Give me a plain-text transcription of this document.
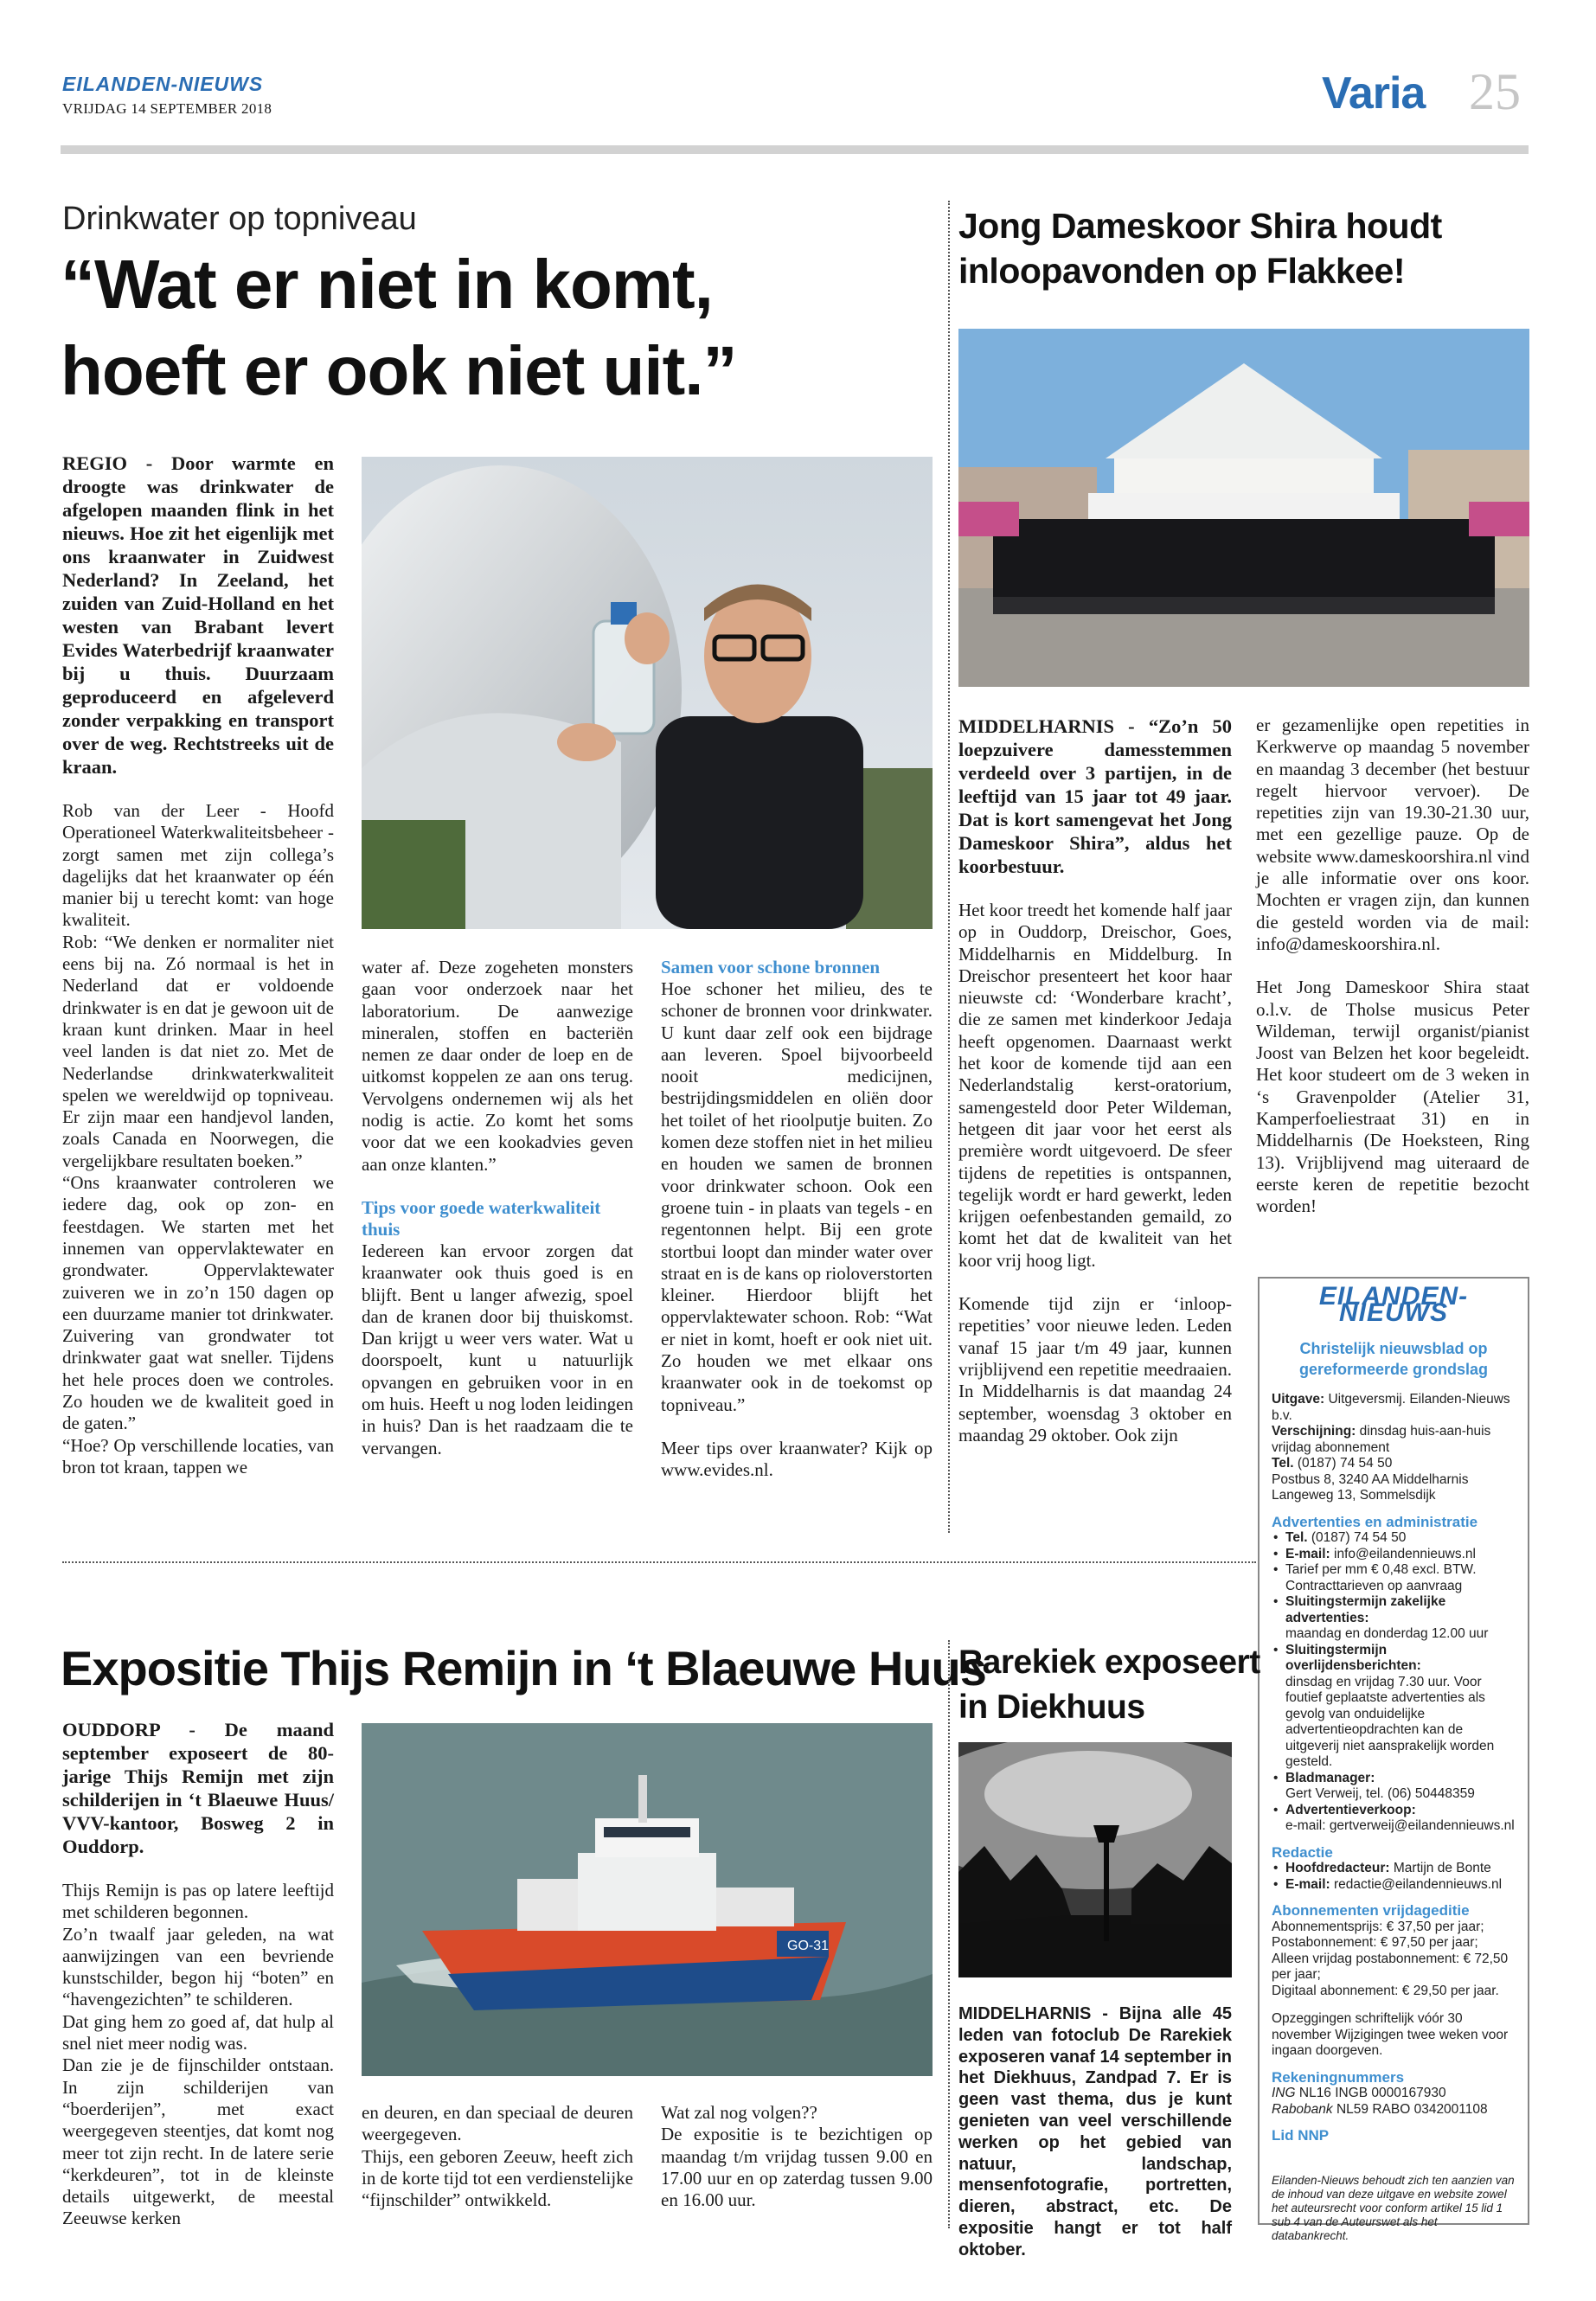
EILANDEN-NIEUWS
VRIJDAG 14 SEPTEMBER 2018	Varia 25
Drinkwater op topniveau
“Wat er niet in komt,
hoeft er ook niet uit.”

REGIO - Door warmte en droogte was drinkwater de afgelopen maanden flink in het nieuws. Hoe zit het eigenlijk met ons kraanwater in Zuidwest Nederland? In Zeeland, het zuiden van Zuid-Holland en het westen van Brabant levert Evides Waterbedrijf kraanwater bij u thuis. Duurzaam geproduceerd en afgeleverd zonder verpakking en transport over de weg. Rechtstreeks uit de kraan.

Rob van der Leer - Hoofd Operationeel Waterkwaliteitsbeheer - zorgt samen met zijn collega’s dagelijks dat het kraanwater op één manier bij u terecht komt: van hoge kwaliteit.

Rob: “We denken er normaliter niet eens bij na. Zó normaal is het in Nederland dat er voldoende drinkwater is en dat je gewoon uit de kraan kunt drinken. Maar in heel veel landen is dat niet zo. Met de Nederlandse drinkwaterkwaliteit spelen we wereldwijd op topniveau. Er zijn maar een handjevol landen, zoals Canada en Noorwegen, die vergelijkbare resultaten boeken.”

“Ons kraanwater controleren we iedere dag, ook op zon- en feestdagen. We starten met het innemen van oppervlaktewater en grondwater. Oppervlaktewater zuiveren we in zo’n 150 dagen op een duurzame manier tot drinkwater. Zuivering van grondwater tot drinkwater gaat wat sneller. Tijdens het hele proces doen we controles. Zo houden we de kwaliteit goed in de gaten.”

“Hoe? Op verschillende locaties, van bron tot kraan, tappen we

water af. Deze zogeheten monsters gaan voor onderzoek naar het laboratorium. De aanwezige mineralen, stoffen en bacteriën nemen ze daar onder de loep en de uitkomst koppelen ze aan ons terug. Vervolgens ondernemen wij als het nodig is actie. Zo komt het soms voor dat we een kookadvies geven aan onze klanten.”

Tips voor goede waterkwaliteit thuis

Iedereen kan ervoor zorgen dat kraanwater ook thuis goed is en blijft. Bent u langer afwezig, spoel dan de kranen door bij thuiskomst. Dan krijgt u weer vers water. Wat u doorspoelt, kunt u natuurlijk opvangen en gebruiken voor in en om huis. Heeft u nog loden leidingen in huis? Dan is het raadzaam die te vervangen.

Samen voor schone bronnen

Hoe schoner het milieu, des te schoner de bronnen voor drinkwater. U kunt daar zelf ook een bijdrage aan leveren. Spoel bijvoorbeeld nooit medicijnen, bestrijdingsmiddelen en oliën door het toilet of het rioolputje buiten. Zo komen deze stoffen niet in het milieu en houden we samen de bronnen voor drinkwater schoon. Ook een groene tuin - in plaats van tegels - en regentonnen helpt. Bij een grote stortbui loopt dan minder water over straat en is de kans op rioloverstorten kleiner. Hierdoor blijft het oppervlaktewater schoon. Rob: “Wat er niet in komt, hoeft er ook niet uit. Zo houden we met elkaar ons kraanwater ook in de toekomst op topniveau.”

Meer tips over kraanwater? Kijk op www.evides.nl.

Jong Dameskoor Shira houdt
inloopavonden op Flakkee!

MIDDELHARNIS - “Zo’n 50 loepzuivere damesstemmen verdeeld over 3 partijen, in de leeftijd van 15 jaar tot 49 jaar. Dat is kort samengevat het Jong Dameskoor Shira”, aldus het koorbestuur.

Het koor treedt het komende half jaar op in Ouddorp, Dreischor, Goes, Middelharnis en Middelburg. In Dreischor presenteert het koor haar nieuwste cd: ‘Wonderbare kracht’, die ze samen met kinderkoor Jedaja heeft opgenomen. Daarnaast werkt het koor de komende tijd aan een Nederlandstalig kerst-oratorium, samengesteld door Peter Wildeman, hetgeen dit jaar voor het eerst als première wordt uitgevoerd. De sfeer tijdens de repetities is ontspannen, tegelijk wordt er hard gewerkt, leden krijgen oefenbestanden gemaild, zo komt het dat de kwaliteit van het koor vrij hoog ligt.

Komende tijd zijn er ‘inloop-repetities’ voor nieuwe leden. Leden vanaf 15 jaar t/m 49 jaar, kunnen vrijblijvend een repetitie meedraaien. In Middelharnis is dat maandag 24 september, woensdag 3 oktober en maandag 29 oktober. Ook zijn

er gezamenlijke open repetities in Kerkwerve op maandag 5 november en maandag 3 december (het bestuur regelt hiervoor vervoer). De repetities zijn van 19.30-21.30 uur, met een gezellige pauze. Op de website www.dameskoorshira.nl vind je alle informatie over ons koor. Mochten er vragen zijn, dan kunnen die gesteld worden via de mail: info@dameskoorshira.nl.

Het Jong Dameskoor Shira staat o.l.v. de Tholse musicus Peter Wildeman, terwijl organist/pianist Joost van Belzen het koor begeleidt. Het koor studeert om de 3 weken in ‘s Gravenpolder (Atelier 31, Kamperfoeliestraat 31) en in Middelharnis (De Hoeksteen, Ring 13). Vrijblijvend mag uiteraard de eerste keren de repetitie bezocht worden!

EILANDEN-NIEUWS
Christelijk nieuwsblad op gereformeerde grondslag
Uitgave: Uitgeversmij. Eilanden-Nieuws b.v.
Verschijning: dinsdag huis-aan-huis vrijdag abonnement
Tel. (0187) 74 54 50
Postbus 8, 3240 AA Middelharnis
Langeweg 13, Sommelsdijk
Advertenties en administratie
• Tel. (0187) 74 54 50
• E-mail: info@eilandennieuws.nl
• Tarief per mm € 0,48 excl. BTW.
Contracttarieven op aanvraag
• Sluitingstermijn zakelijke advertenties:
maandag en donderdag 12.00 uur
• Sluitingstermijn overlijdensberichten:
dinsdag en vrijdag 7.30 uur. Voor foutief geplaatste advertenties als gevolg van onduidelijke advertentieopdrachten kan de uitgeverij niet aansprakelijk worden gesteld.
• Bladmanager:
Gert Verweij, tel. (06) 50448359
• Advertentieverkoop:
e-mail: gertverweij@eilandennieuws.nl
Redactie
• Hoofdredacteur: Martijn de Bonte
• E-mail: redactie@eilandennieuws.nl
Abonnementen vrijdageditie
Abonnementsprijs: € 37,50 per jaar;
Postabonnement: € 97,50 per jaar;
Alleen vrijdag postabonnement: € 72,50 per jaar;
Digitaal abonnement: € 29,50 per jaar.
Opzeggingen schriftelijk vóór 30 november Wijzigingen twee weken voor ingaan doorgeven.
Rekeningnummers
ING NL16 INGB 0000167930
Rabobank NL59 RABO 0342001108
Lid NNP
Eilanden-Nieuws behoudt zich ten aanzien van de inhoud van deze uitgave en website zowel het auteursrecht voor conform artikel 15 lid 1 sub 4 van de Auteurswet als het databankrecht.
Expositie Thijs Remijn in ‘t Blaeuwe Huus

OUDDORP - De maand september exposeert de 80-jarige Thijs Remijn met zijn schilderijen in ‘t Blaeuwe Huus/ VVV-kantoor, Bosweg 2 in Ouddorp.

Thijs Remijn is pas op latere leeftijd met schilderen begonnen.

Zo’n twaalf jaar geleden, na wat aanwijzingen van een bevriende kunstschilder, begon hij “boten” en “havengezichten” te schilderen.

Dat ging hem zo goed af, dat hulp al snel niet meer nodig was.

Dan zie je de fijnschilder ontstaan. In zijn schilderijen van “boerderijen”, met exact weergegeven steentjes, dat komt nog meer tot zijn recht. In de latere serie “kerkdeuren”, tot in de kleinste details uitgewerkt, de meestal Zeeuwse kerken

GO-31

en deuren, en dan speciaal de deuren weergegeven.

Thijs, een geboren Zeeuw, heeft zich in de korte tijd tot een verdienstelijke “fijnschilder” ontwikkeld.

Wat zal nog volgen??

De expositie is te bezichtigen op maandag t/m vrijdag tussen 9.00 en 17.00 uur en op zaterdag tussen 9.00 en 16.00 uur.

Rarekiek exposeert
in Diekhuus

MIDDELHARNIS - Bijna alle 45 leden van fotoclub De Rarekiek exposeren vanaf 14 september in het Diekhuus, Zandpad 7. Er is geen vast thema, dus je kunt genieten van veel verschillende werken op het gebied van natuur, landschap, mensenfotografie, portretten, dieren, abstract, etc. De expositie hangt er tot half oktober.
